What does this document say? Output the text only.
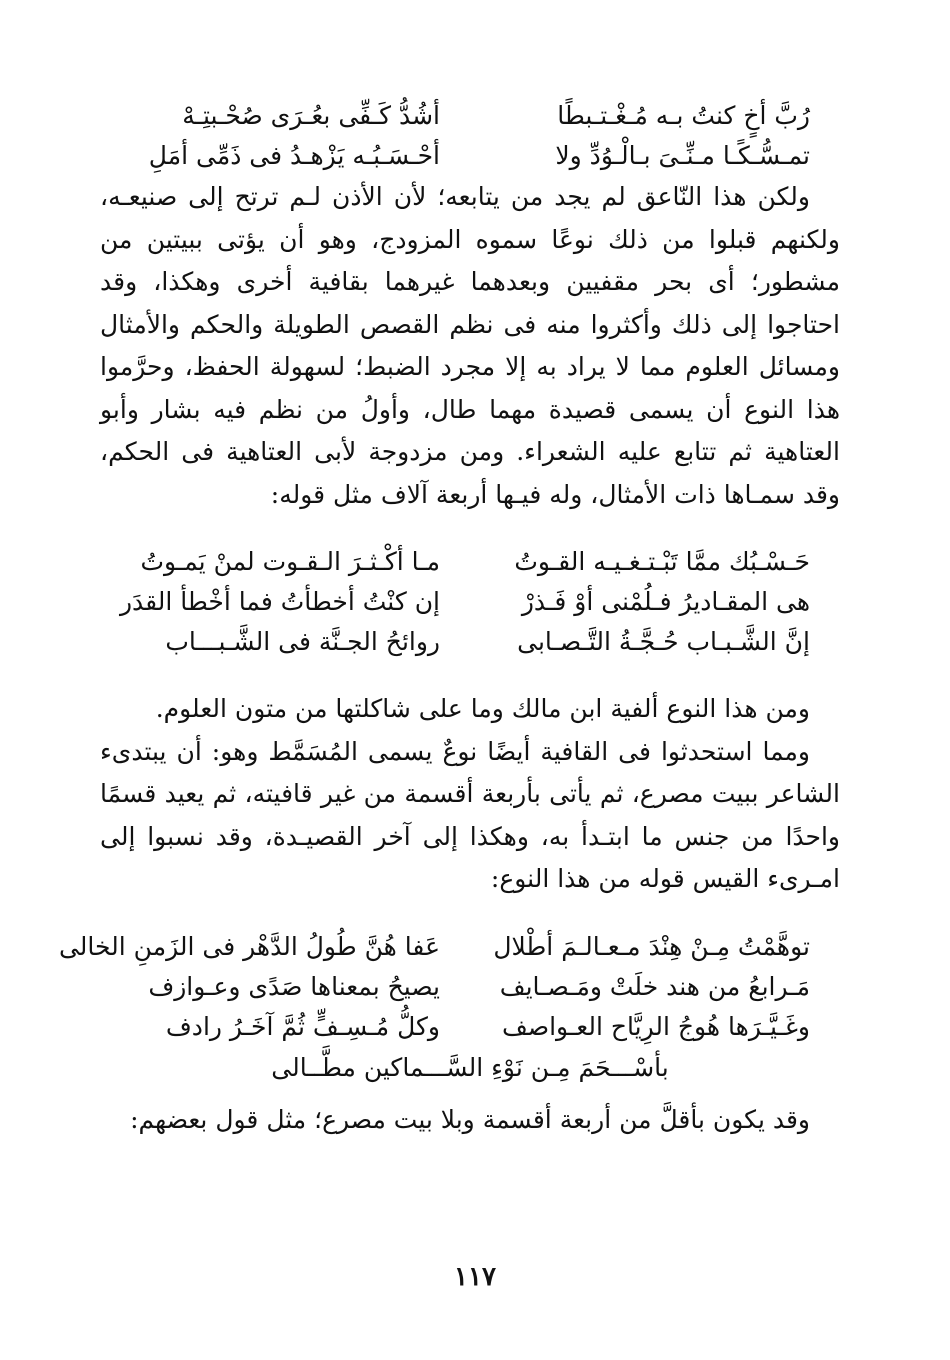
رُبَّ أخٍ كنتُ بـه مُـغْـتـبطًا
أشُدُّ كَـفِّى بعُـرَى صُحْـبتِـهْ
تمـسُّـكًـا مـنِّـىَ بـالْـوُدِّ ولا
أحْـسَـبُـه يَزْهـدُ فى ذَمِّى أمَلِ

ولكن هذا النّاعق لم يجد من يتابعه؛ لأن الأذن لـم ترتح إلى صنيعـه، ولكنهم قبلوا من ذلك نوعًا سموه المزودج، وهو أن يؤتى ببيتين من مشطور؛ أى بحر مقفيين وبعدهما غيرهما بقافية أخرى وهكذا، وقد احتاجوا إلى ذلك وأكثروا منه فى نظم القصص الطويلة والحكم والأمثال ومسائل العلوم مما لا يراد به إلا مجرد الضبط؛ لسهولة الحفظ، وحرَّموا هذا النوع أن يسمى قصيدة مهما طال، وأولُ من نظم فيه بشار وأبو العتاهية ثم تتابع عليه الشعراء. ومن مزدوجة لأبى العتاهية فى الحكم، وقد سمـاها ذات الأمثال، وله فيـها أربعة آلاف مثل قوله:

حَـسْـبُك ممَّا تَبْـتـغـيـه القـوتُ
مـا أكْـثـرَ الـقـوت لمنْ يَمـوتُ
هى المقـاديرُ فـلُمْنى أوْ فَـذرْ
إن كنْتُ أخطأتُ فما أخْطأ القدَر
إنَّ الشَّـبـاب حُـجَّـةُ التَّـصـابى
روائحُ الجـنَّة فى الشَّـبـــاب

ومن هذا النوع ألفية ابن مالك وما على شاكلتها من متون العلوم.

ومما استحدثوا فى القافية أيضًا نوعٌ يسمى المُسَمَّط وهو: أن يبتدىء الشاعر ببيت مصرع، ثم يأتى بأربعة أقسمة من غير قافيته، ثم يعيد قسمًا واحدًا من جنس ما ابتـدأ به، وهكذا إلى آخر القصيـدة، وقد نسبوا إلى امـرىء القيس قوله من هذا النوع:

توهَّمْتُ مِـنْ هِنْدَ مـعـالـمَ أطْلال
عَفا هُنَّ طُولُ الدَّهْر فى الزَمنِ الخالى
مَـرابعُ من هند خلَتْ ومَـصـايف
يصيحُ بمعناها صَدًى وعـوازف
وغَـيَّـرَها هُوجُ الرِيَّاح العـواصف
وكلُّ مُـسِـفٍّ ثُمَّ آخَـرُ رادف
بأسْـــحَمَ مِـن نَوْءِ السَّـــماكين مطَّــالى

وقد يكون بأقلَّ من أربعة أقسمة وبلا بيت مصرع؛ مثل قول بعضهم:

١١٧
